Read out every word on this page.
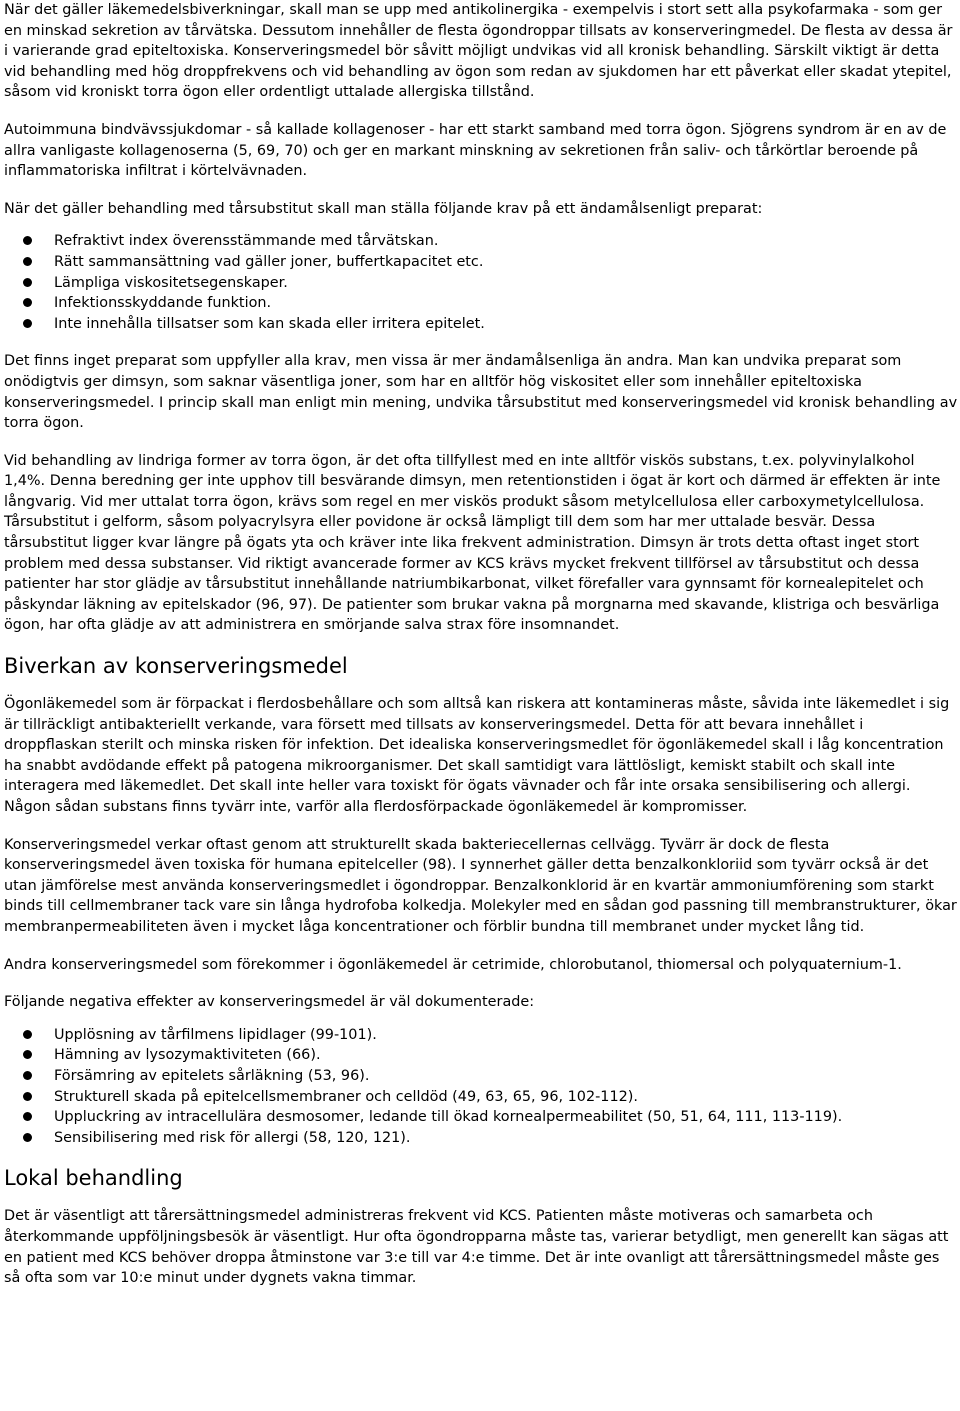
När det gäller läkemedelsbiverkningar, skall man se upp med antikolinergika - exempelvis i stort sett alla psykofarmaka - som ger en minskad sekretion av tårvätska. Dessutom innehåller de flesta ögondroppar tillsats av konserveringmedel. De flesta av dessa är i varierande grad epiteltoxiska. Konserveringsmedel bör såvitt möjligt undvikas vid all kronisk behandling. Särskilt viktigt är detta vid behandling med hög droppfrekvens och vid behandling av ögon som redan av sjukdomen har ett påverkat eller skadat ytepitel, såsom vid kroniskt torra ögon eller ordentligt uttalade allergiska tillstånd.

Autoimmuna bindvävssjukdomar - så kallade kollagenoser - har ett starkt samband med torra ögon. Sjögrens syndrom är en av de allra vanligaste kollagenoserna (5, 69, 70) och ger en markant minskning av sekretionen från saliv- och tårkörtlar beroende på inflammatoriska infiltrat i körtelvävnaden.

När det gäller behandling med tårsubstitut skall man ställa följande krav på ett ändamålsenligt preparat:

Refraktivt index överensstämmande med tårvätskan.
Rätt sammansättning vad gäller joner, buffertkapacitet etc.
Lämpliga viskositetsegenskaper.
Infektionsskyddande funktion.
Inte innehålla tillsatser som kan skada eller irritera epitelet.

Det finns inget preparat som uppfyller alla krav, men vissa är mer ändamålsenliga än andra. Man kan undvika preparat som onödigtvis ger dimsyn, som saknar väsentliga joner, som har en alltför hög viskositet eller som innehåller epiteltoxiska konserveringsmedel. I princip skall man enligt min mening, undvika tårsubstitut med konserveringsmedel vid kronisk behandling av torra ögon.

Vid behandling av lindriga former av torra ögon, är det ofta tillfyllest med en inte alltför viskös substans, t.ex. polyvinylalkohol 1,4%. Denna beredning ger inte upphov till besvärande dimsyn, men retentionstiden i ögat är kort och därmed är effekten är inte långvarig. Vid mer uttalat torra ögon, krävs som regel en mer viskös produkt såsom metylcellulosa eller carboxymetylcellulosa. Tårsubstitut i gelform, såsom polyacrylsyra eller povidone är också lämpligt till dem som har mer uttalade besvär. Dessa tårsubstitut ligger kvar längre på ögats yta och kräver inte lika frekvent administration. Dimsyn är trots detta oftast inget stort problem med dessa substanser. Vid riktigt avancerade former av KCS krävs mycket frekvent tillförsel av tårsubstitut och dessa patienter har stor glädje av tårsubstitut innehållande natriumbikarbonat, vilket förefaller vara gynnsamt för kornealepitelet och påskyndar läkning av epitelskador (96, 97). De patienter som brukar vakna på morgnarna med skavande, klistriga och besvärliga ögon, har ofta glädje av att administrera en smörjande salva strax före insomnandet.

Biverkan av konserveringsmedel

Ögonläkemedel som är förpackat i flerdosbehållare och som alltså kan riskera att kontamineras måste, såvida inte läkemedlet i sig är tillräckligt antibakteriellt verkande, vara försett med tillsats av konserveringsmedel. Detta för att bevara innehållet i droppflaskan sterilt och minska risken för infektion. Det idealiska konserveringsmedlet för ögonläkemedel skall i låg koncentration ha snabbt avdödande effekt på patogena mikroorganismer. Det skall samtidigt vara lättlösligt, kemiskt stabilt och skall inte interagera med läkemedlet. Det skall inte heller vara toxiskt för ögats vävnader och får inte orsaka sensibilisering och allergi. Någon sådan substans finns tyvärr inte, varför alla flerdosförpackade ögonläkemedel är kompromisser.

Konserveringsmedel verkar oftast genom att strukturellt skada bakteriecellernas cellvägg. Tyvärr är dock de flesta konserveringsmedel även toxiska för humana epitelceller (98). I synnerhet gäller detta benzalkonkloriid som tyvärr också är det utan jämförelse mest använda konserveringsmedlet i ögondroppar. Benzalkonklorid är en kvartär ammoniumförening som starkt binds till cellmembraner tack vare sin långa hydrofoba kolkedja. Molekyler med en sådan god passning till membranstrukturer, ökar membranpermeabiliteten även i mycket låga koncentrationer och förblir bundna till membranet under mycket lång tid.

Andra konserveringsmedel som förekommer i ögonläkemedel är cetrimide, chlorobutanol, thiomersal och polyquaternium-1.

Följande negativa effekter av konserveringsmedel är väl dokumenterade:

Upplösning av tårfilmens lipidlager (99-101).
Hämning av lysozymaktiviteten (66).
Försämring av epitelets sårläkning (53, 96).
Strukturell skada på epitelcellsmembraner och celldöd (49, 63, 65, 96, 102-112).
Uppluckring av intracellulära desmosomer, ledande till ökad kornealpermeabilitet (50, 51, 64, 111, 113-119).
Sensibilisering med risk för allergi (58, 120, 121).
Lokal behandling

Det är väsentligt att tårersättningsmedel administreras frekvent vid KCS. Patienten måste motiveras och samarbeta och återkommande uppföljningsbesök är väsentligt. Hur ofta ögondropparna måste tas, varierar betydligt, men generellt kan sägas att en patient med KCS behöver droppa åtminstone var 3:e till var 4:e timme. Det är inte ovanligt att tårersättningsmedel måste ges så ofta som var 10:e minut under dygnets vakna timmar.
